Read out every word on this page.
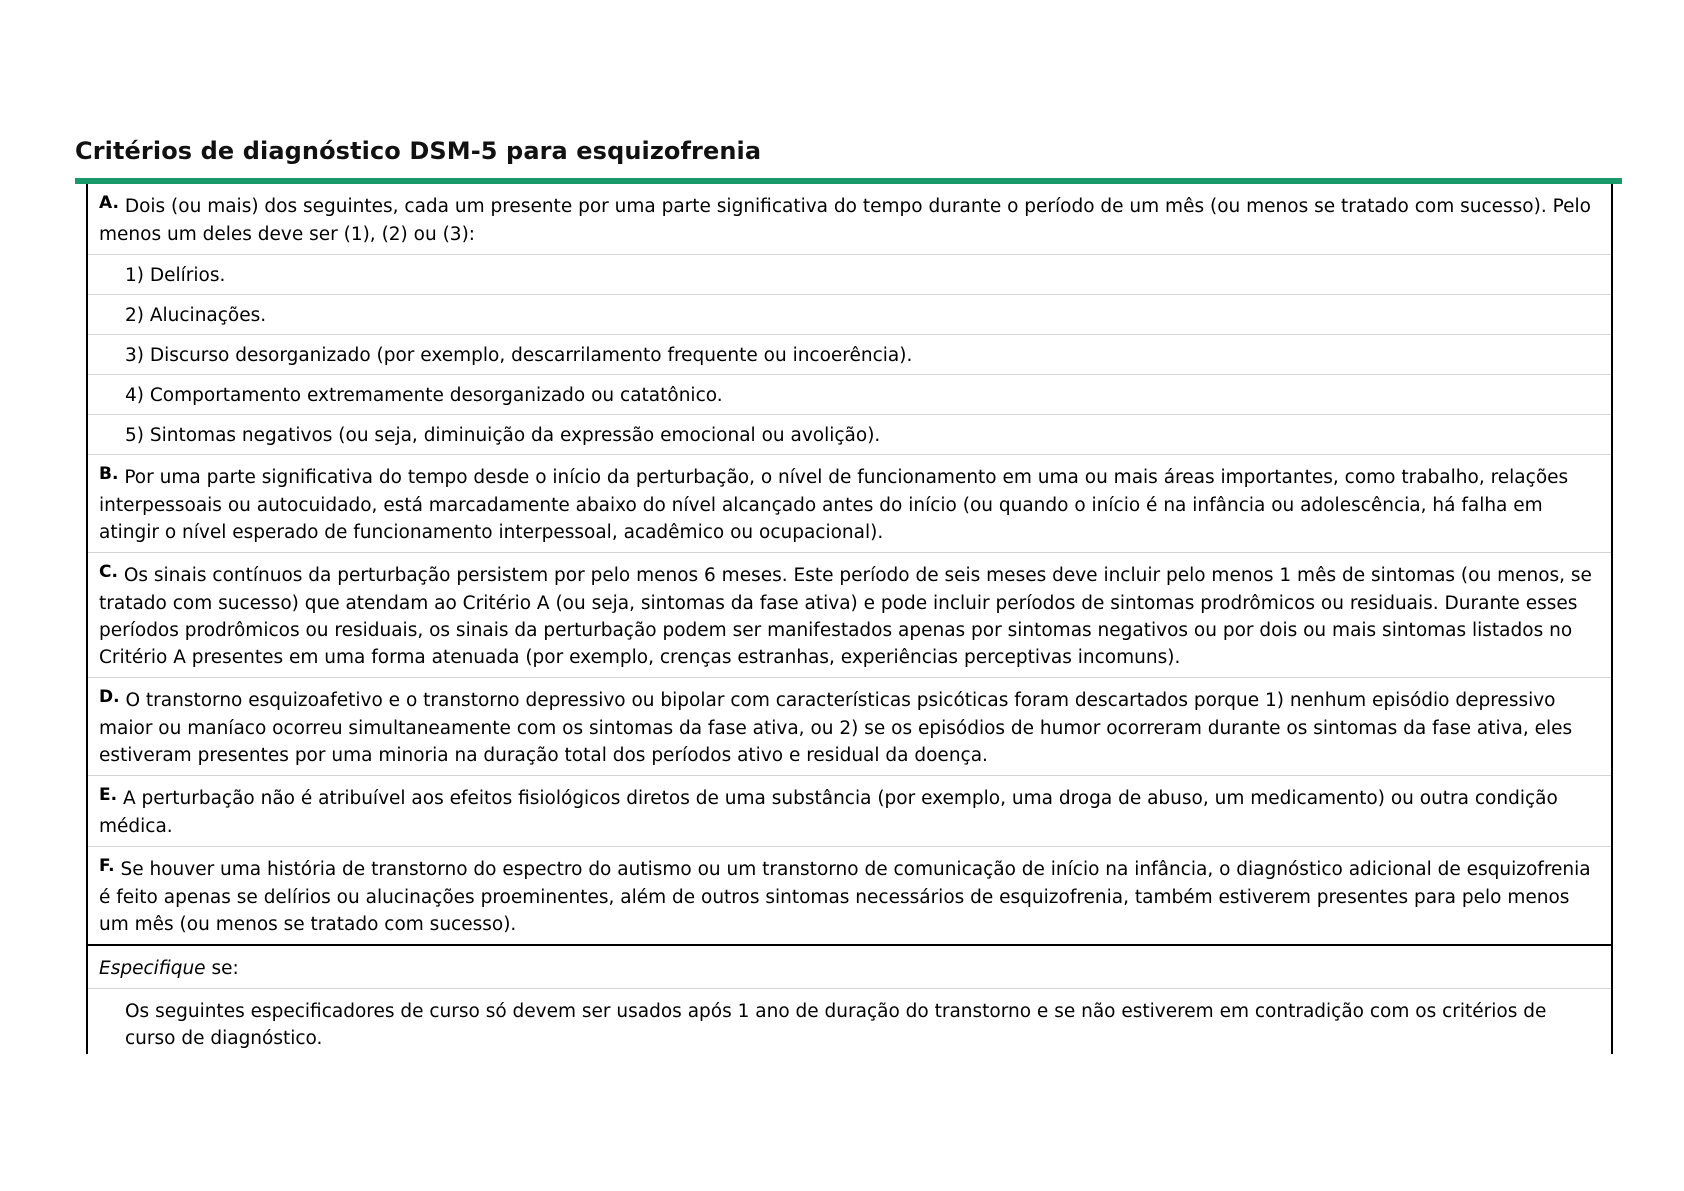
Critérios de diagnóstico DSM-5 para esquizofrenia
A. Dois (ou mais) dos seguintes, cada um presente por uma parte significativa do tempo durante o período de um mês (ou menos se tratado com sucesso). Pelo menos um deles deve ser (1), (2) ou (3):
1) Delírios.
2) Alucinações.
3) Discurso desorganizado (por exemplo, descarrilamento frequente ou incoerência).
4) Comportamento extremamente desorganizado ou catatônico.
5) Sintomas negativos (ou seja, diminuição da expressão emocional ou avolição).
B. Por uma parte significativa do tempo desde o início da perturbação, o nível de funcionamento em uma ou mais áreas importantes, como trabalho, relações interpessoais ou autocuidado, está marcadamente abaixo do nível alcançado antes do início (ou quando o início é na infância ou adolescência, há falha em atingir o nível esperado de funcionamento interpessoal, acadêmico ou ocupacional).
C. Os sinais contínuos da perturbação persistem por pelo menos 6 meses. Este período de seis meses deve incluir pelo menos 1 mês de sintomas (ou menos, se tratado com sucesso) que atendam ao Critério A (ou seja, sintomas da fase ativa) e pode incluir períodos de sintomas prodrômicos ou residuais. Durante esses períodos prodrômicos ou residuais, os sinais da perturbação podem ser manifestados apenas por sintomas negativos ou por dois ou mais sintomas listados no Critério A presentes em uma forma atenuada (por exemplo, crenças estranhas, experiências perceptivas incomuns).
D. O transtorno esquizoafetivo e o transtorno depressivo ou bipolar com características psicóticas foram descartados porque 1) nenhum episódio depressivo maior ou maníaco ocorreu simultaneamente com os sintomas da fase ativa, ou 2) se os episódios de humor ocorreram durante os sintomas da fase ativa, eles estiveram presentes por uma minoria na duração total dos períodos ativo e residual da doença.
E. A perturbação não é atribuível aos efeitos fisiológicos diretos de uma substância (por exemplo, uma droga de abuso, um medicamento) ou outra condição médica.
F. Se houver uma história de transtorno do espectro do autismo ou um transtorno de comunicação de início na infância, o diagnóstico adicional de esquizofrenia é feito apenas se delírios ou alucinações proeminentes, além de outros sintomas necessários de esquizofrenia, também estiverem presentes para pelo menos um mês (ou menos se tratado com sucesso).
Especifique se:
Os seguintes especificadores de curso só devem ser usados após 1 ano de duração do transtorno e se não estiverem em contradição com os critérios de curso de diagnóstico.
